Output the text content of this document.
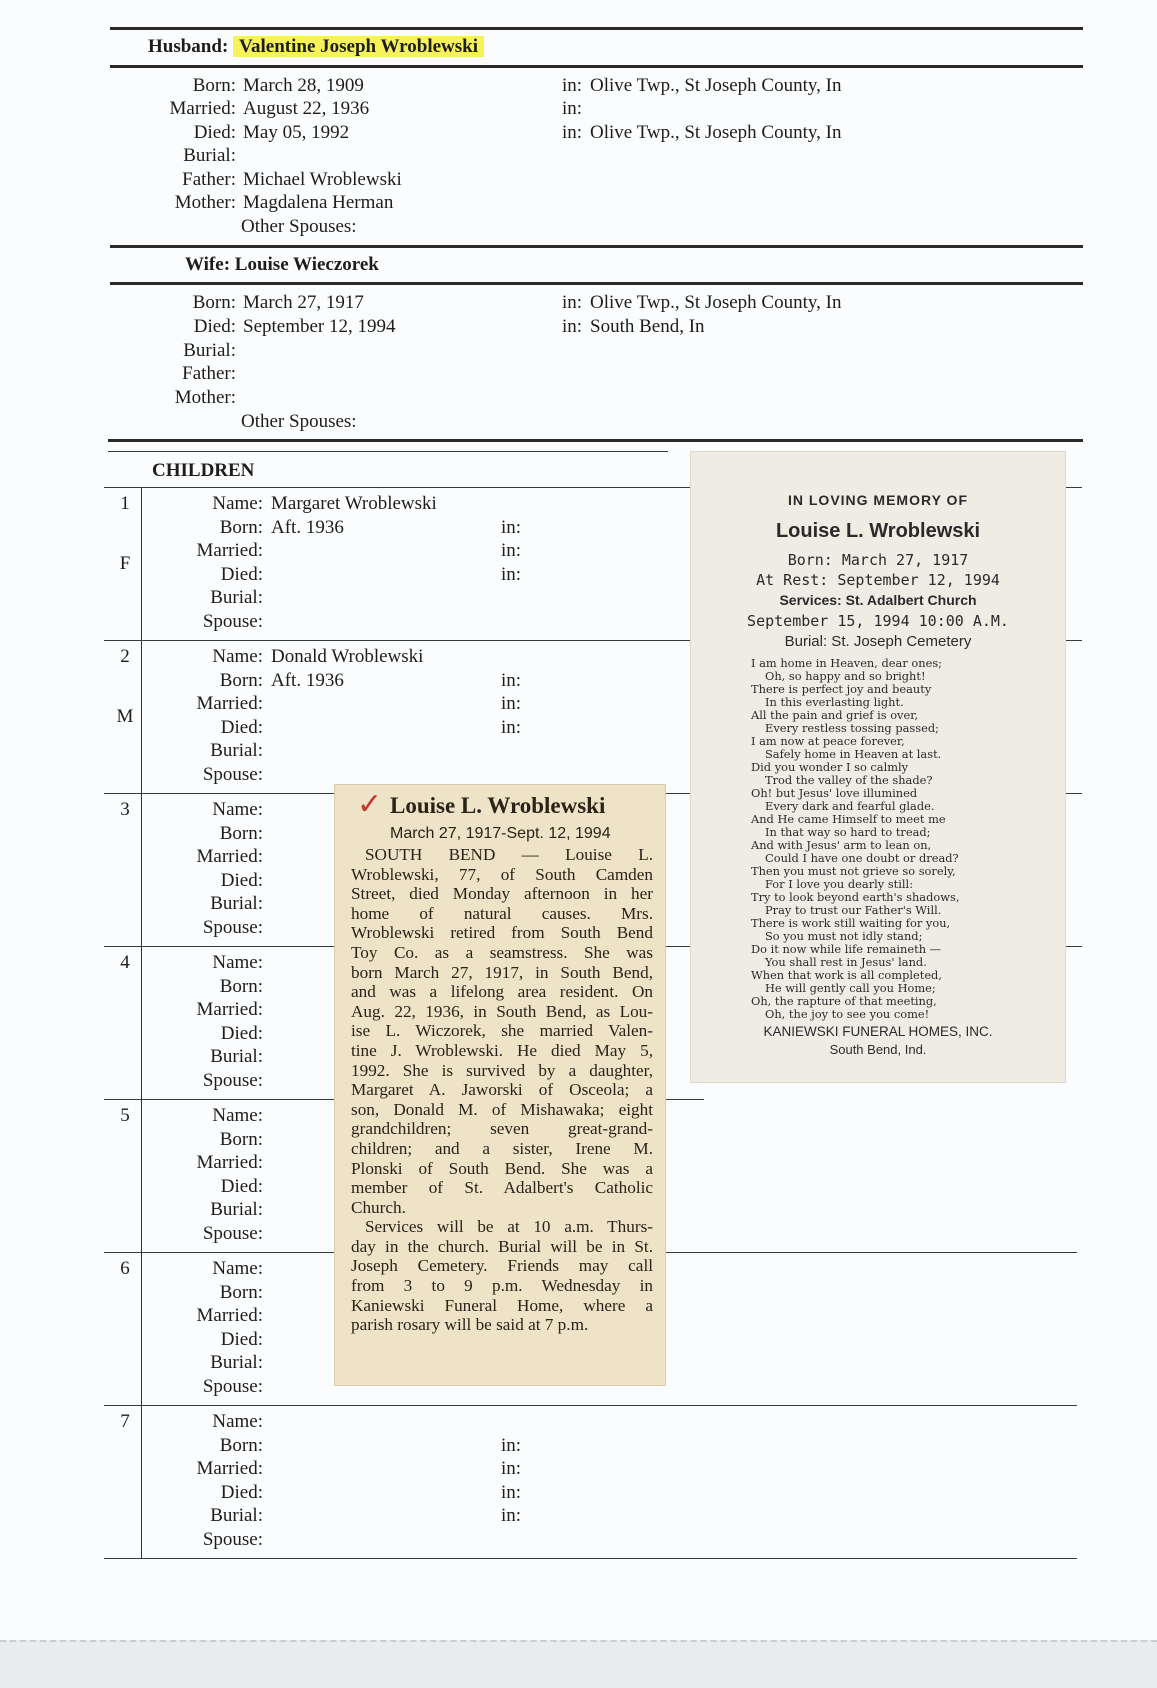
Husband: Valentine Joseph Wroblewski
Born: March 28, 1909	in: Olive Twp., St Joseph County, In
Married: August 22, 1936	in:
Died: May 05, 1992	in: Olive Twp., St Joseph County, In
Burial:
Father: Michael Wroblewski
Mother: Magdalena Herman
Other Spouses:
Wife: Louise Wieczorek
Born: March 27, 1917	in: Olive Twp., St Joseph County, In
Died: September 12, 1994	in: South Bend, In
Burial:
Father:
Mother:
Other Spouses:
CHILDREN
1
F
Name: Margaret Wroblewski
Born: Aft. 1936	in:
Married:	in:
Died:	in:
Burial:
Spouse:
2
M
Name: Donald Wroblewski
Born: Aft. 1936	in:
Married:	in:
Died:	in:
Burial:
Spouse:
3	Name:
Born:
Married:
Died:
Burial:
Spouse:
4	Name:
Born:
Married:
Died:
Burial:
Spouse:
5	Name:
Born:
Married:
Died:
Burial:
Spouse:
6	Name:
Born:
Married:
Died:
Burial:
Spouse:
7	Name:
Born:	in:
Married:	in:
Died:	in:
Burial:	in:
Spouse:
✓ Louise L. Wroblewski
March 27, 1917-Sept. 12, 1994
SOUTH BEND — Louise L.
Wroblewski, 77, of South Camden
Street, died Monday afternoon in her
home of natural causes. Mrs.
Wroblewski retired from South Bend
Toy Co. as a seamstress. She was
born March 27, 1917, in South Bend,
and was a lifelong area resident. On
Aug. 22, 1936, in South Bend, as Lou-
ise L. Wiczorek, she married Valen-
tine J. Wroblewski. He died May 5,
1992. She is survived by a daughter,
Margaret A. Jaworski of Osceola; a
son, Donald M. of Mishawaka; eight
grandchildren; seven great-grand-
children; and a sister, Irene M.
Plonski of South Bend. She was a
member of St. Adalbert's Catholic
Church.
Services will be at 10 a.m. Thurs-
day in the church. Burial will be in St.
Joseph Cemetery. Friends may call
from 3 to 9 p.m. Wednesday in
Kaniewski Funeral Home, where a
parish rosary will be said at 7 p.m.
IN LOVING MEMORY OF
Louise L. Wroblewski
Born: March 27, 1917
At Rest: September 12, 1994
Services: St. Adalbert Church
September 15, 1994 10:00 A.M.
Burial: St. Joseph Cemetery
I am home in Heaven, dear ones;
Oh, so happy and so bright!
There is perfect joy and beauty
In this everlasting light.
All the pain and grief is over,
Every restless tossing passed;
I am now at peace forever,
Safely home in Heaven at last.
Did you wonder I so calmly
Trod the valley of the shade?
Oh! but Jesus' love illumined
Every dark and fearful glade.
And He came Himself to meet me
In that way so hard to tread;
And with Jesus' arm to lean on,
Could I have one doubt or dread?
Then you must not grieve so sorely,
For I love you dearly still:
Try to look beyond earth's shadows,
Pray to trust our Father's Will.
There is work still waiting for you,
So you must not idly stand;
Do it now while life remaineth —
You shall rest in Jesus' land.
When that work is all completed,
He will gently call you Home;
Oh, the rapture of that meeting,
Oh, the joy to see you come!
KANIEWSKI FUNERAL HOMES, INC.
South Bend, Ind.
